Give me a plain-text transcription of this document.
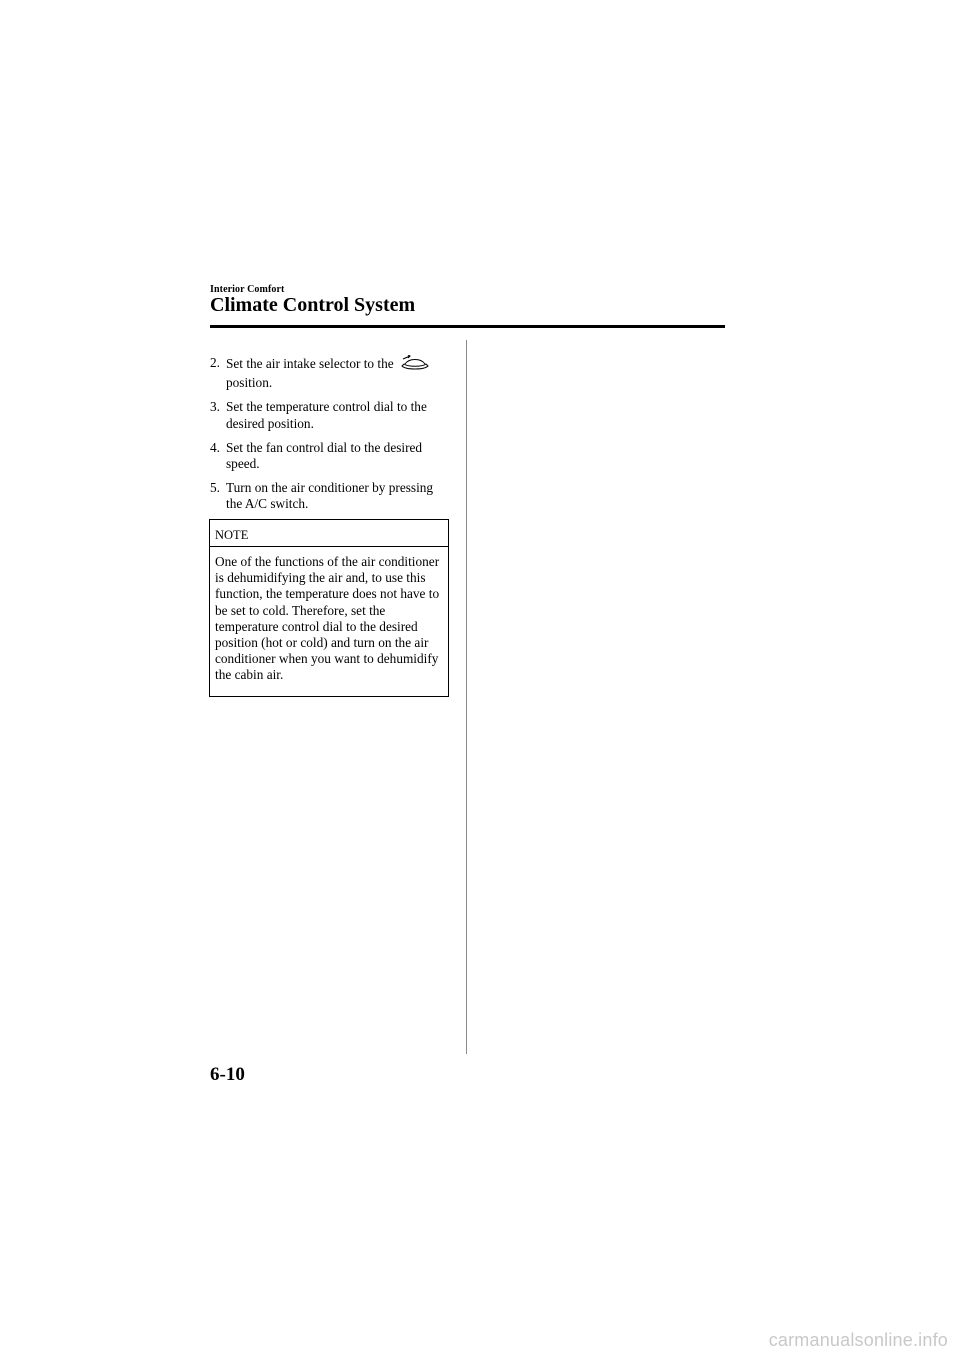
Interior Comfort
Climate Control System
2. Set the air intake selector to the
position.
3. Set the temperature control dial to the desired position.
4. Set the fan control dial to the desired speed.
5. Turn on the air conditioner by pressing the A/C switch.
NOTE
One of the functions of the air conditioner is dehumidifying the air and, to use this function, the temperature does not have to be set to cold. Therefore, set the temperature control dial to the desired position (hot or cold) and turn on the air conditioner when you want to dehumidify the cabin air.
6-10
carmanualsonline.info
